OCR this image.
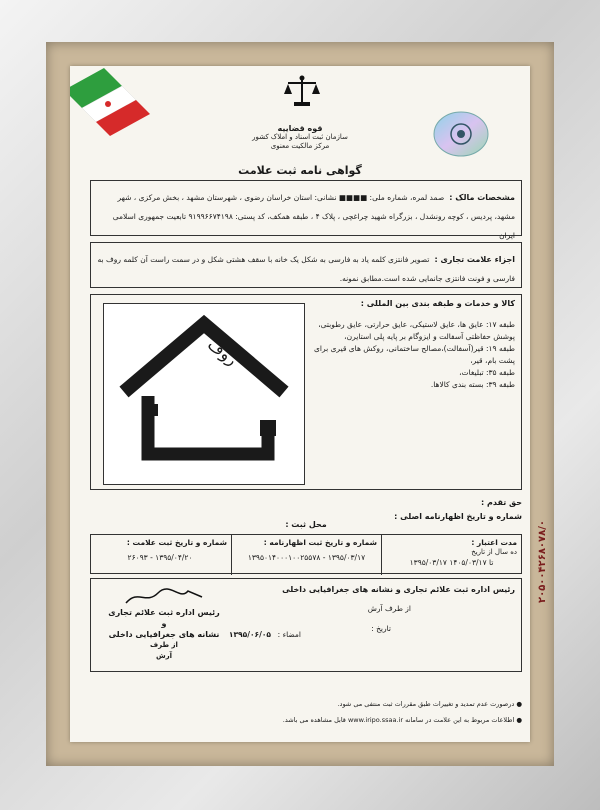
قوه قضاییه
سازمان ثبت اسناد و املاک کشور
مرکز مالکیت معنوی
گواهی نامه ثبت علامت
مشخصات مالک : صمد لمره، شماره ملی: ■■■■ نشانی: استان خراسان رضوی ، شهرستان مشهد ، بخش مرکزی ، شهر مشهد، پردیس ، کوچه رونشدل ، بزرگراه شهید چراغچی ، پلاک ۴ ، طبقه همکف، کد پستی: ۹۱۹۹۶۶۷۴۱۹۸ تابعیت جمهوری اسلامی ایران
اجزاء علامت تجاری : تصویر فانتزی کلمه یاد به فارسی به شکل یک خانه با سقف هشتی شکل و در سمت راست آن کلمه روف به فارسی و فونت فانتزی جانمایی شده است.مطابق نمونه.
کالا و خدمات و طبقه بندی بین المللی :
طبقه ۱۷: عایق ها، عایق لاستیکی، عایق حرارتی، عایق رطوبتی، پوشش حفاظتی آسفالت و ایزوگام بر پایه پلی استایرن،
طبقه ۱۹: قیر(آسفالت)،مصالح ساختمانی، روکش های قیری برای پشت بام، قیر،
طبقه ۳۵: تبلیغات،
طبقه ۳۹: بسته بندی کالاها.
روف
حق تقدم :
شماره و تاریخ اظهارنامه اصلی :
محل ثبت :
مدت اعتبار :
ده سال از تاریخ
۱۳۹۵/۰۳/۱۷ تا ۱۴۰۵/۰۳/۱۷
شماره و تاریخ ثبت اظهارنامه :
۱۳۹۵۰۱۴۰۰۰۱۰۰۲۵۵۷۸ - ۱۳۹۵/۰۳/۱۷
شماره و تاریخ ثبت علامت :
۲۶۰۹۳ - ۱۳۹۵/۰۴/۲۰
رئیس اداره ثبت علائم تجاری و نشانه های جغرافیایی داخلی
از طرف آرش
تاریخ :
امضاء :
۱۳۹۵/۰۶/۰۵
رئیس اداره ثبت علائم تجاری و
نشانه های جغرافیایی داخلی
از طرف
آرش
● درصورت عدم تمدید و تغییرات طبق مقررات ثبت منتفی می شود.
● اطلاعات مربوط به این علامت در سامانه www.iripo.ssaa.ir قابل مشاهده می باشد.
۲۰۵۰۰۴۲۶۸۰۷۸/۰
